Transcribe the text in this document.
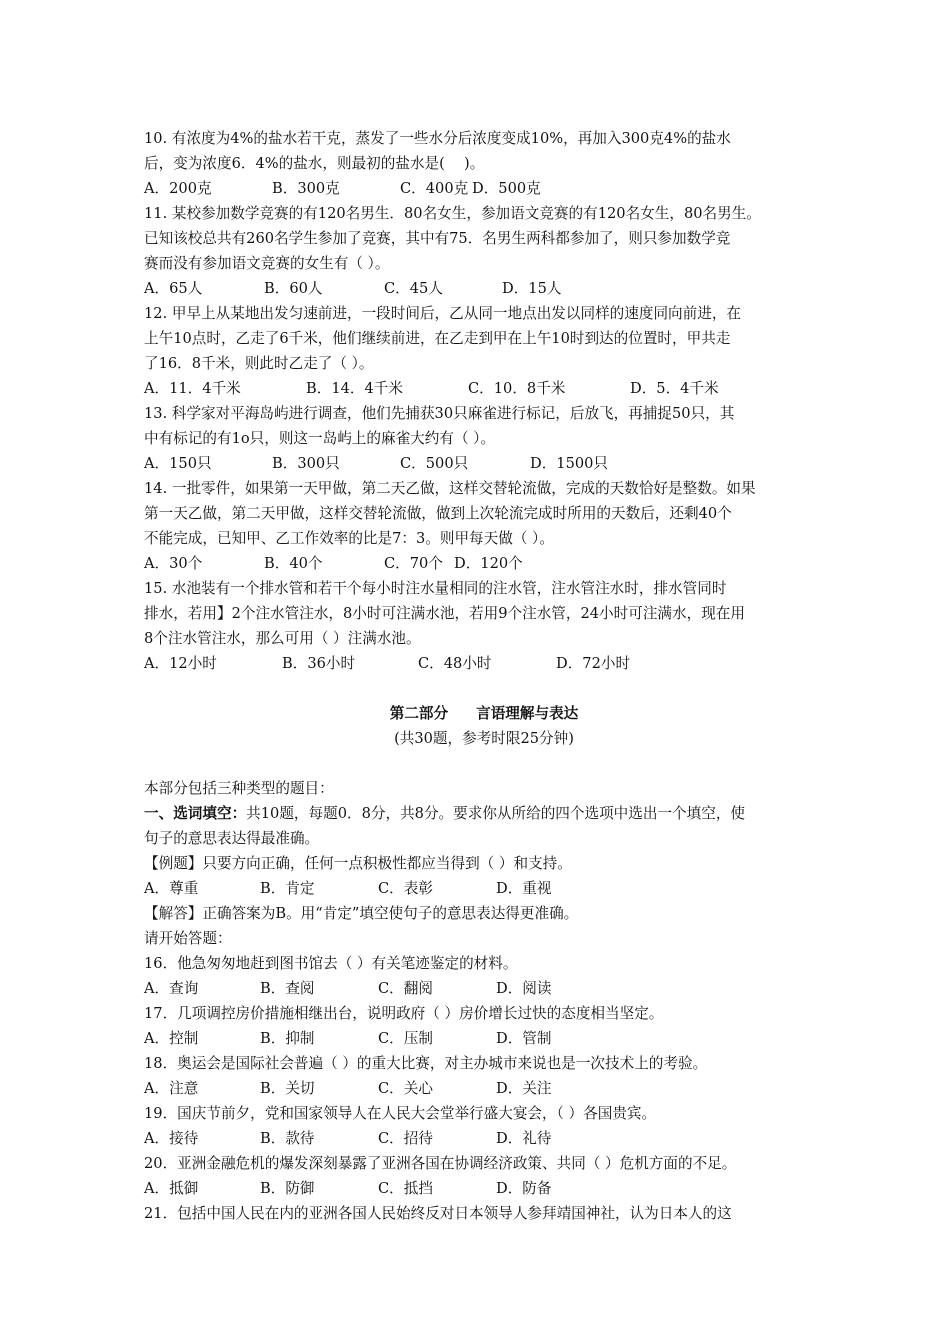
10. 有浓度为4%的盐水若干克，蒸发了一些水分后浓度变成10%，再加入300克4%的盐水
后，变为浓度6．4%的盐水，则最初的盐水是(　 )。
A．200克	B．300克	C．400克 D．500克
11. 某校参加数学竞赛的有120名男生．80名女生，参加语文竞赛的有120名女生，80名男生。
已知该校总共有260名学生参加了竞赛，其中有75．名男生两科都参加了，则只参加数学竞
赛而没有参加语文竞赛的女生有（ ）。
A．65人	B．60人	C．45人	D．15人
12. 甲早上从某地出发匀速前进，一段时间后，乙从同一地点出发以同样的速度同向前进，在
上午10点时，乙走了6千米，他们继续前进，在乙走到甲在上午10时到达的位置时，甲共走
了16．8千米，则此时乙走了（ ）。
A．11．4千米	B．14．4千米	C．10．8千米	D．5．4千米
13. 科学家对平海岛屿进行调查，他们先捕获30只麻雀进行标记，后放飞，再捕捉50只，其
中有标记的有1o只，则这一岛屿上的麻雀大约有（ ）。
A．150只	B．300只	C．500只	D．1500只
14. 一批零件，如果第一天甲做，第二天乙做，这样交替轮流做，完成的天数恰好是整数。如果
第一天乙做，第二天甲做，这样交替轮流做，做到上次轮流完成时所用的天数后，还剩40个
不能完成，已知甲、乙工作效率的比是7：3。则甲每天做（ ）。
A．30个	B．40个	C．70个 D．120个
15. 水池装有一个排水管和若干个每小时注水量相同的注水管，注水管注水时，排水管同时
排水，若用】2个注水管注水，8小时可注满水池，若用9个注水管，24小时可注满水，现在用
8个注水管注水，那么可用（ ）注满水池。
A．12小时	B．36小时	C．48小时	D．72小时
第二部分 言语理解与表达
(共30题，参考时限25分钟)
本部分包括三种类型的题目：
一、选词填空：共10题，每题0．8分，共8分。要求你从所给的四个选项中选出一个填空，使
句子的意思表达得最准确。
【例题】只要方向正确，任何一点积极性都应当得到（ ）和支持。
A．尊重	B．肯定	C．表彰	D．重视
【解答】正确答案为B。用“肯定”填空使句子的意思表达得更准确。
请开始答题：
16．他急匆匆地赶到图书馆去（ ）有关笔迹鉴定的材料。
A．查询	B．查阅	C．翻阅	D．阅读
17．几项调控房价措施相继出台，说明政府（ ）房价增长过快的态度相当坚定。
A．控制	B．抑制	C．压制	D．管制
18．奥运会是国际社会普遍（ ）的重大比赛，对主办城市来说也是一次技术上的考验。
A．注意	B．关切	C．关心	D．关注
19．国庆节前夕，党和国家领导人在人民大会堂举行盛大宴会，（ ）各国贵宾。
A．接待	B．款待	C．招待	D．礼待
20．亚洲金融危机的爆发深刻暴露了亚洲各国在协调经济政策、共同（ ）危机方面的不足。
A．抵御	B．防御	C．抵挡	D．防备
21．包括中国人民在内的亚洲各国人民始终反对日本领导人参拜靖国神社，认为日本人的这
